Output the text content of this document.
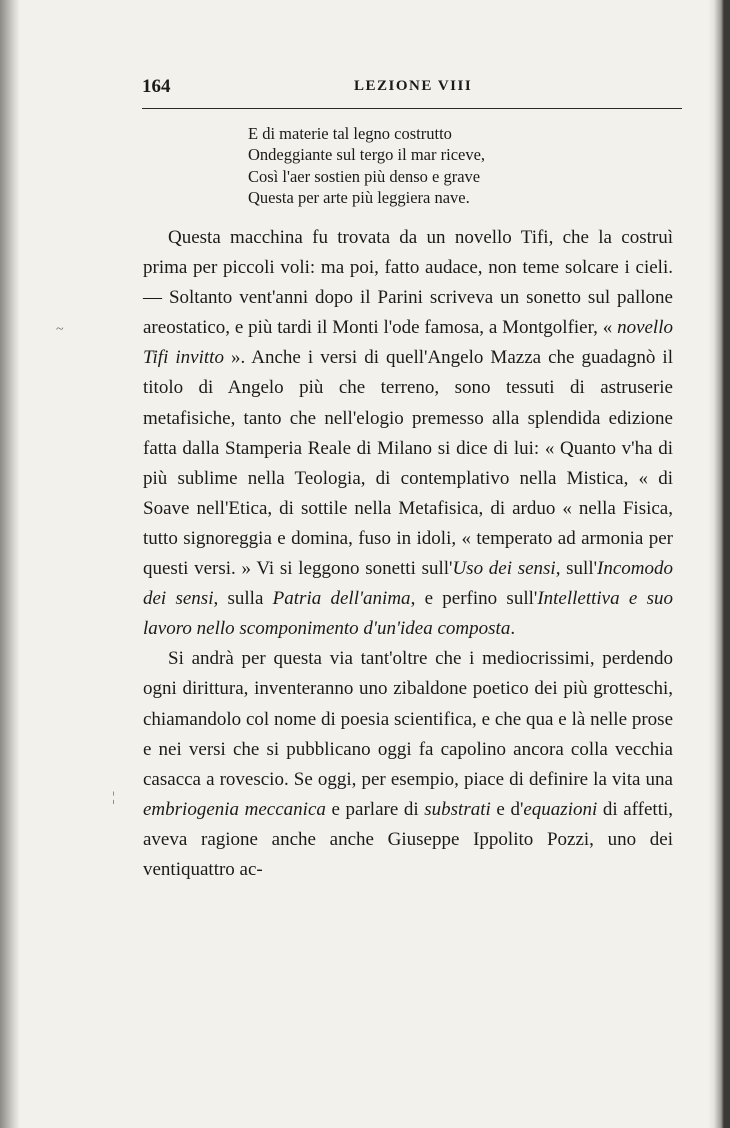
164	LEZIONE VIII
E di materie tal legno costrutto
Ondeggiante sul tergo il mar riceve,
Così l'aer sostien più denso e grave
Questa per arte più leggiera nave.

Questa macchina fu trovata da un novello Tifi, che la costruì prima per piccoli voli: ma poi, fatto audace, non teme solcare i cieli. — Soltanto vent'anni dopo il Parini scriveva un sonetto sul pallone areostatico, e più tardi il Monti l'ode famosa, a Montgolfier, « novello Tifi invitto ». Anche i versi di quell'Angelo Mazza che guadagnò il titolo di Angelo più che terreno, sono tessuti di astruserie metafisiche, tanto che nell'elogio premesso alla splendida edizione fatta dalla Stamperia Reale di Milano si dice di lui: « Quanto v'ha di più sublime nella Teologia, di contemplativo nella Mistica, « di Soave nell'Etica, di sottile nella Metafisica, di arduo « nella Fisica, tutto signoreggia e domina, fuso in idoli, « temperato ad armonia per questi versi. » Vi si leggono sonetti sull'Uso dei sensi, sull'Incomodo dei sensi, sulla Patria dell'anima, e perfino sull'Intellettiva e suo lavoro nello scomponimento d'un'idea composta.

Si andrà per questa via tant'oltre che i mediocrissimi, perdendo ogni dirittura, inventeranno uno zibaldone poetico dei più grotteschi, chiamandolo col nome di poesia scientifica, e che qua e là nelle prose e nei versi che si pubblicano oggi fa capolino ancora colla vecchia casacca a rovescio. Se oggi, per esempio, piace di definire la vita una embriogenia meccanica e parlare di substrati e d'equazioni di affetti, aveva ragione anche anche Giuseppe Ippolito Pozzi, uno dei ventiquattro ac-

~
¦
